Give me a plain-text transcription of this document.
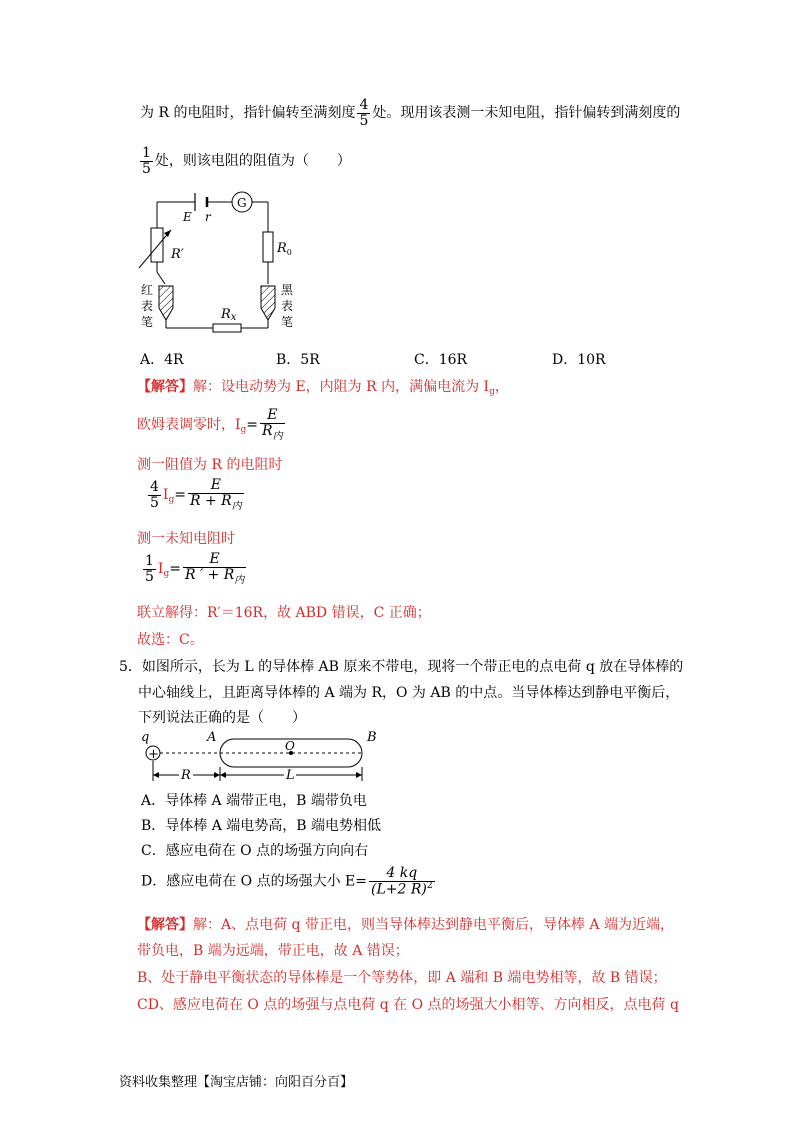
为 R 的电阻时，指针偏转至满刻度 $\frac{4}{5}$ 处。现用该表测一未知电阻，指针偏转到满刻度的
$\frac{1}{5}$ 处，则该电阻的阻值为（　　）
E r
G
R′	$R_0$
Rx
红
表
笔
黑
表
笔
A．4R	B．5R	C．16R	D．10R
【解答】解：设电动势为 E，内阻为 R 内，满偏电流为 $I_g$，
欧姆表调零时，$I_g= \frac{E}{R_内}$
测一阻值为 R 的电阻时
$\frac{4}{5} I_g= \frac{E}{R + R_内}$
测一未知电阻时
$\frac{1}{5} I_g= \frac{E}{R ' + R_内}$
联立解得：R′＝16R，故 ABD 错误，C 正确；
故选：C。
5．如图所示，长为 L 的导体棒 AB 原来不带电，现将一个带正电的点电荷 q 放在导体棒的
中心轴线上，且距离导体棒的 A 端为 R，O 为 AB 的中点。当导体棒达到静电平衡后，
下列说法正确的是（　　）
q
+
A
O
B
R	L
A．导体棒 A 端带正电，B 端带负电
B．导体棒 A 端电势高，B 端电势相低
C．感应电荷在 O 点的场强方向向右
D．感应电荷在 O 点的场强大小 $E= \frac{4 kq}{(L+2 R)^2}$
【解答】解：A、点电荷 q 带正电，则当导体棒达到静电平衡后，导体棒 A 端为近端，
带负电，B 端为远端，带正电，故 A 错误；
B、处于静电平衡状态的导体棒是一个等势体，即 A 端和 B 端电势相等，故 B 错误；
CD、感应电荷在 O 点的场强与点电荷 q 在 O 点的场强大小相等、方向相反，点电荷 q
资料收集整理【淘宝店铺：向阳百分百】
